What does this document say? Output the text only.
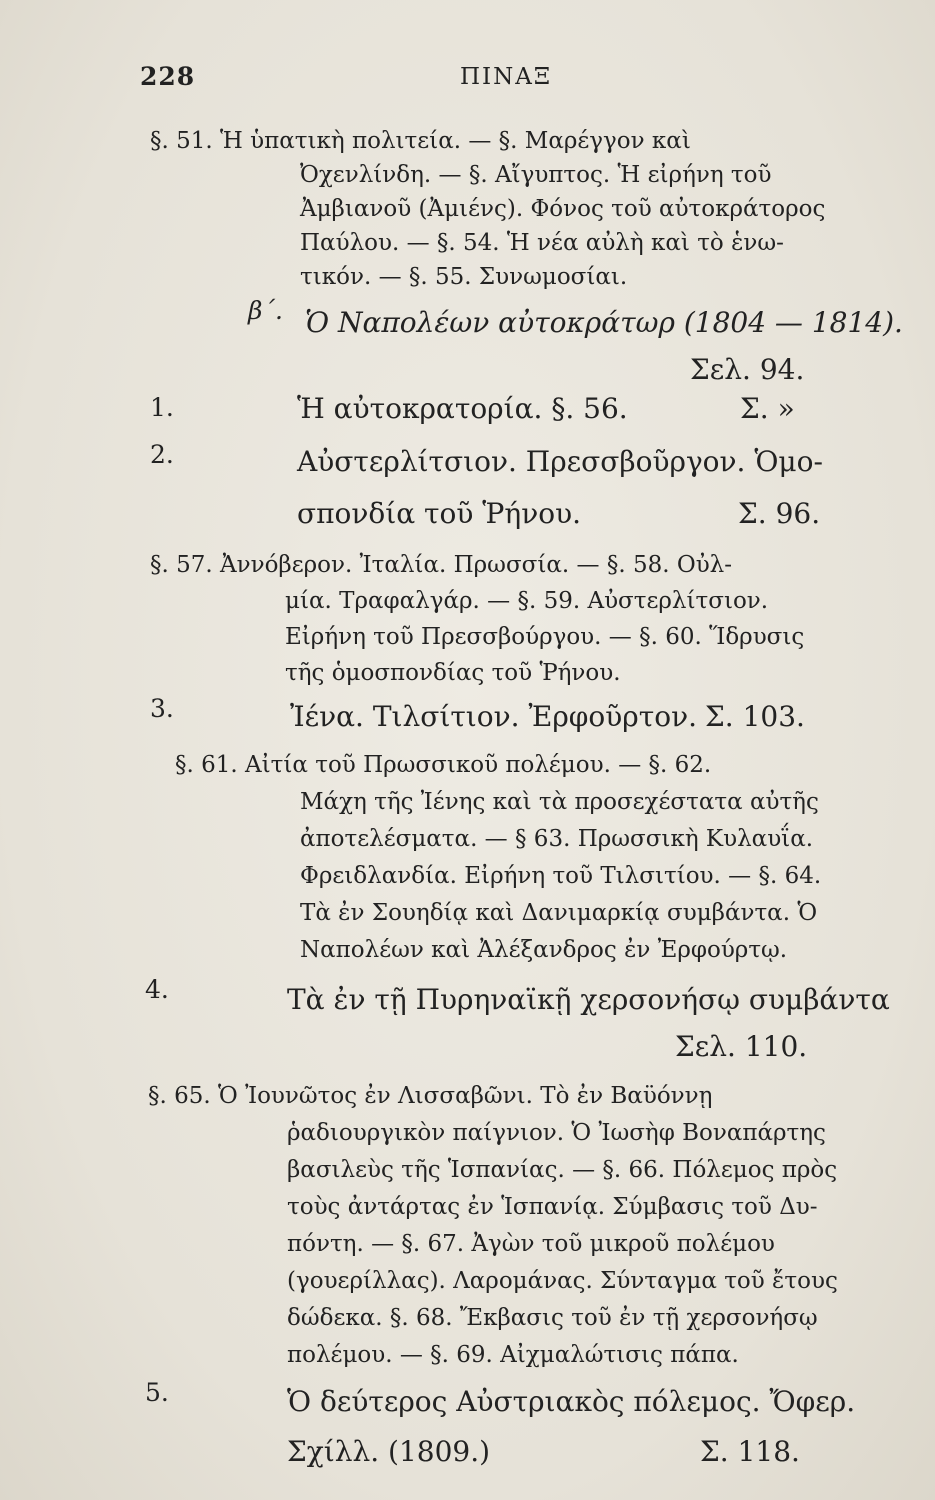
228	ΠΙΝΑΞ
§. 51. Ἡ ὑπατικὴ πολιτεία. — §. Μαρέγγον καὶ
Ὀχενλίνδη. — §. Αἴγυπτος. Ἡ εἰρήνη τοῦ
Ἀμβιανοῦ (Ἀμιένς). Φόνος τοῦ αὐτοκράτορος
Παύλου. — §. 54. Ἡ νέα αὐλὴ καὶ τὸ ἑνω-
τικόν. — §. 55. Συνωμοσίαι.
β΄. Ὁ Ναπολέων αὐτοκράτωρ (1804 — 1814).
Σελ. 94.
1.	Ἡ αὐτοκρατορία. §. 56.	Σ. »
2.	Αὐστερλίτσιον. Πρεσσβοῦργον. Ὁμο-
σπονδία τοῦ Ῥήνου.	Σ. 96.
§. 57. Ἀννόβερον. Ἰταλία. Πρωσσία. — §. 58. Οὐλ-
μία. Τραφαλγάρ. — §. 59. Αὐστερλίτσιον.
Εἰρήνη τοῦ Πρεσσβούργου. — §. 60. Ἵδρυσις
τῆς ὁμοσπονδίας τοῦ Ῥήνου.
3.	Ἰένα. Τιλσίτιον. Ἐρφοῦρτον. Σ. 103.
§. 61. Αἰτία τοῦ Πρωσσικοῦ πολέμου. — §. 62.
Μάχη τῆς Ἰένης καὶ τὰ προσεχέστατα αὐτῆς
ἀποτελέσματα. — § 63. Πρωσσικὴ Κυλαυΐα.
Φρειδλανδία. Εἰρήνη τοῦ Τιλσιτίου. — §. 64.
Τὰ ἐν Σουηδίᾳ καὶ Δανιμαρκίᾳ συμβάντα. Ὁ
Ναπολέων καὶ Ἀλέξανδρος ἐν Ἐρφούρτῳ.
4.	Τὰ ἐν τῇ Πυρηναϊκῇ χερσονήσῳ συμβάντα
Σελ. 110.
§. 65. Ὁ Ἰουνῶτος ἐν Λισσαβῶνι. Τὸ ἐν Βαϋόννῃ
ῥαδιουργικὸν παίγνιον. Ὁ Ἰωσὴφ Βοναπάρτης
βασιλεὺς τῆς Ἱσπανίας. — §. 66. Πόλεμος πρὸς
τοὺς ἀντάρτας ἐν Ἱσπανίᾳ. Σύμβασις τοῦ Δυ-
πόντη. — §. 67. Ἀγὼν τοῦ μικροῦ πολέμου
(γουερίλλας). Λαρομάνας. Σύνταγμα τοῦ ἔτους
δώδεκα. §. 68. Ἔκβασις τοῦ ἐν τῇ χερσονήσῳ
πολέμου. — §. 69. Αἰχμαλώτισις πάπα.
5.	Ὁ δεύτερος Αὐστριακὸς πόλεμος. Ὄφερ.
Σχίλλ. (1809.)	Σ. 118.
